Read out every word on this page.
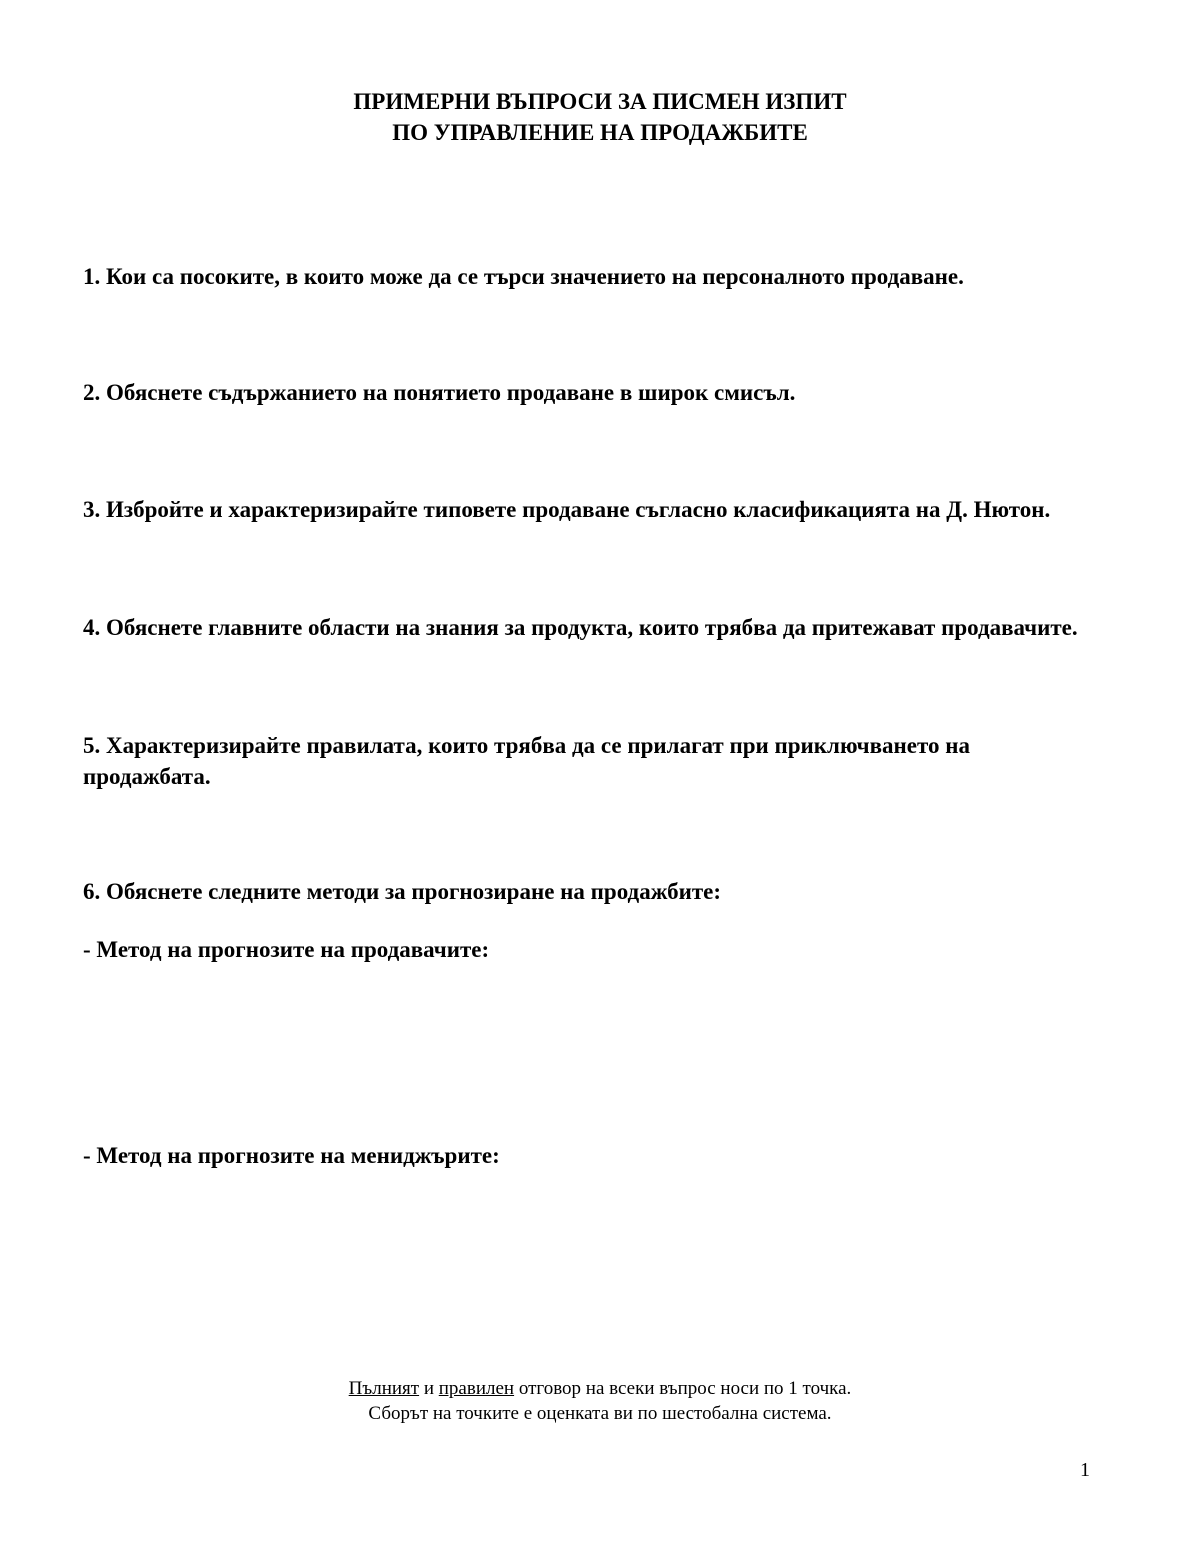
ПРИМЕРНИ ВЪПРОСИ ЗА ПИСМЕН ИЗПИТ
ПО УПРАВЛЕНИЕ НА ПРОДАЖБИТЕ
1. Кои са посоките, в които може да се търси значението на персоналното продаване.
2. Обяснете съдържанието на понятието продаване в широк смисъл.
3. Избройте и характеризирайте типовете продаване съгласно класификацията на Д. Нютон.
4. Обяснете главните области на знания за продукта, които трябва да притежават продавачите.
5. Характеризирайте правилата, които трябва да се прилагат при приключването на продажбата.
6. Обяснете следните методи за прогнозиране на продажбите:
- Метод на прогнозите на продавачите:
- Метод на прогнозите на мениджърите:
Пълният и правилен отговор на всеки въпрос носи по 1 точка.
Сборът на точките е оценката ви по шестобална система.
1
